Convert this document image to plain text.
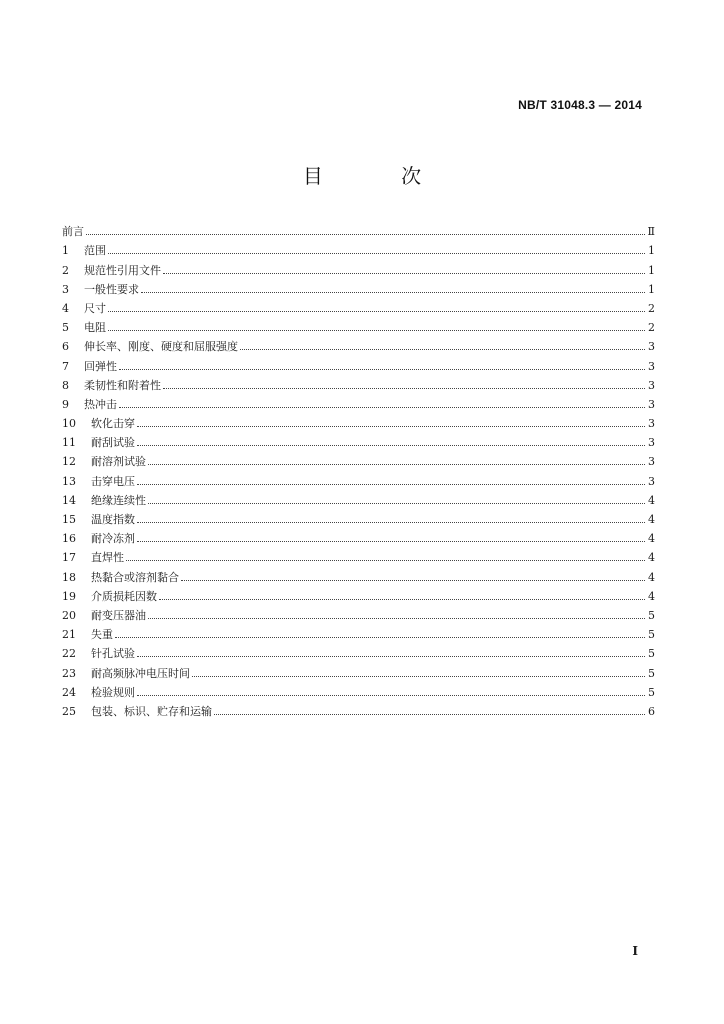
NB/T 31048.3 — 2014
目 次
前言	Ⅱ
1	范围	1
2	规范性引用文件	1
3	一般性要求	1
4	尺寸	2
5	电阻	2
6	伸长率、刚度、硬度和屈服强度	3
7	回弹性	3
8	柔韧性和附着性	3
9	热冲击	3
10	软化击穿	3
11	耐刮试验	3
12	耐溶剂试验	3
13	击穿电压	3
14	绝缘连续性	4
15	温度指数	4
16	耐冷冻剂	4
17	直焊性	4
18	热黏合或溶剂黏合	4
19	介质损耗因数	4
20	耐变压器油	5
21	失重	5
22	针孔试验	5
23	耐高频脉冲电压时间	5
24	检验规则	5
25	包装、标识、贮存和运输	6
I
